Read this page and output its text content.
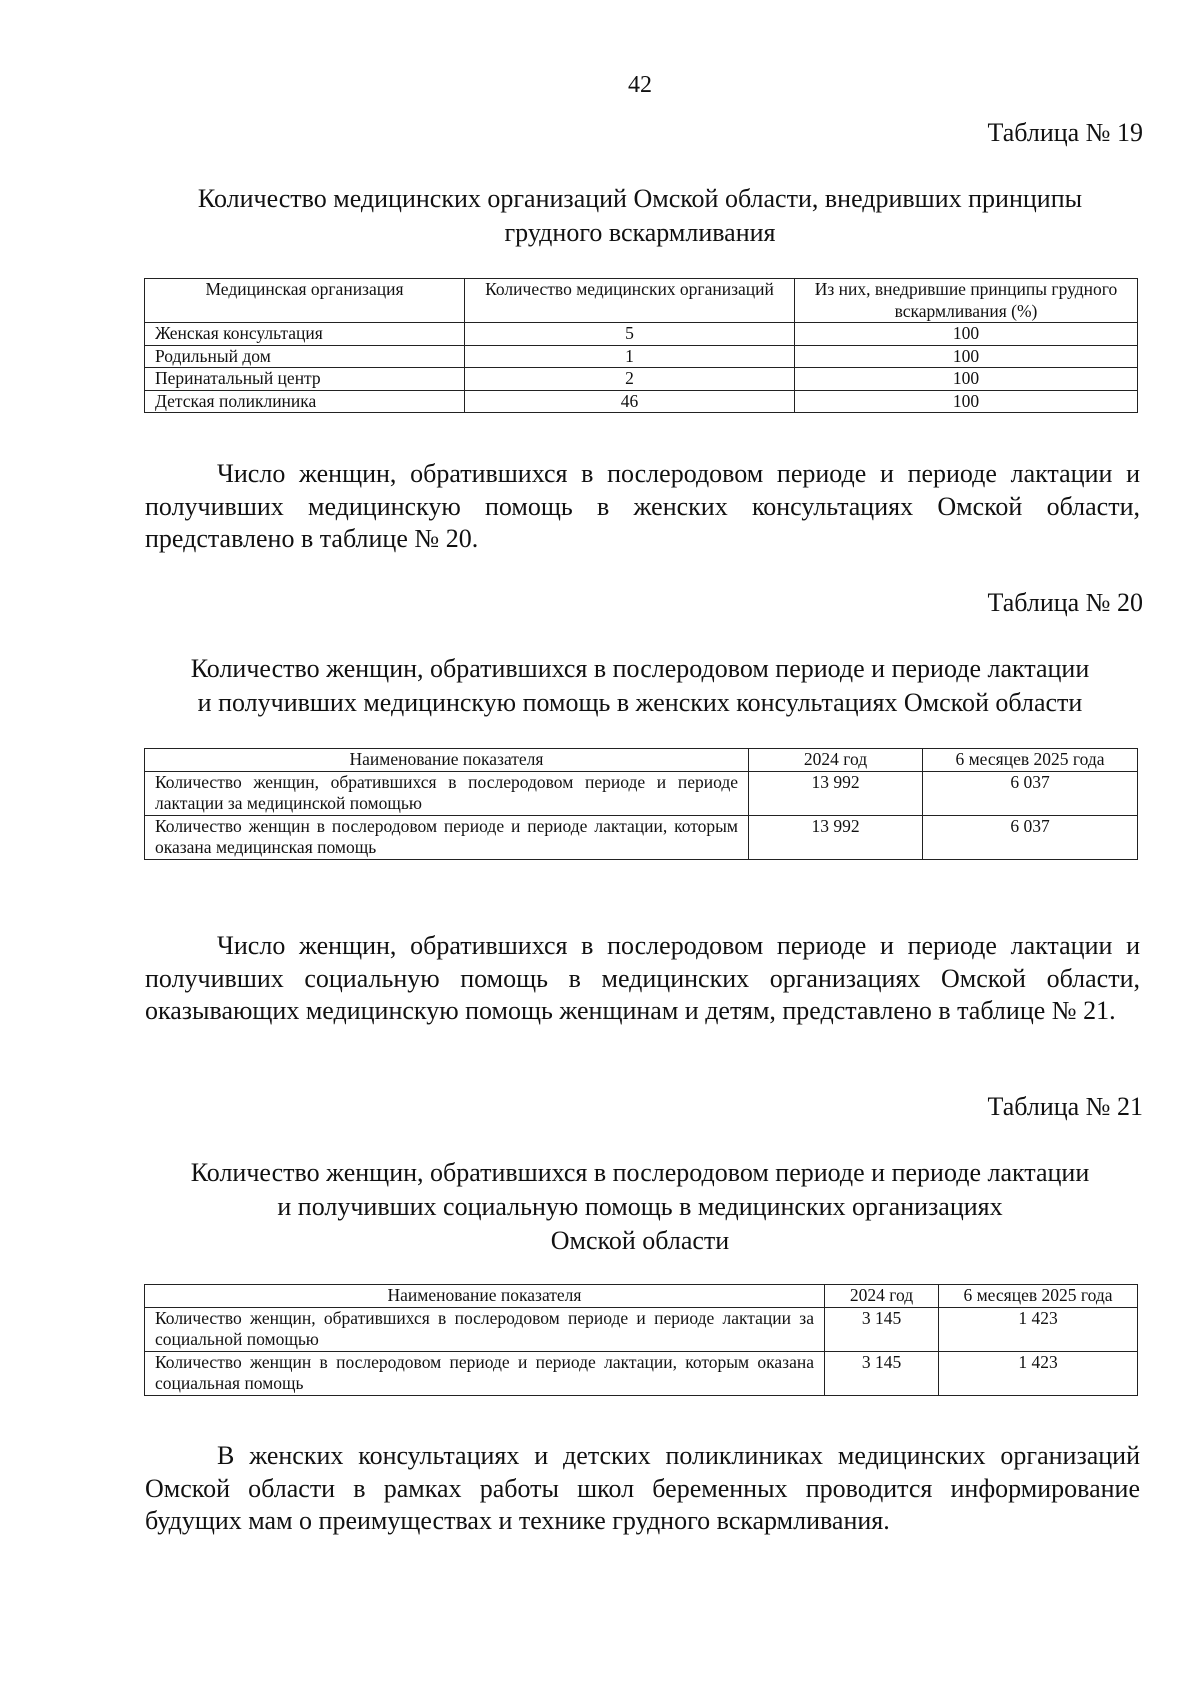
42
Таблица № 19
Количество медицинских организаций Омской области, внедривших принципы
грудного вскармливания
Медицинская организация	Количество медицинских организаций	Из них, внедрившие принципы грудного вскармливания (%)
Женская консультация	5	100
Родильный дом	1	100
Перинатальный центр	2	100
Детская поликлиника	46	100
Число женщин, обратившихся в послеродовом периоде и периоде лактации и получивших медицинскую помощь в женских консультациях Омской области, представлено в таблице № 20.
Таблица № 20
Количество женщин, обратившихся в послеродовом периоде и периоде лактации
и получивших медицинскую помощь в женских консультациях Омской области
Наименование показателя	2024 год	6 месяцев 2025 года
Количество женщин, обратившихся в послеродовом периоде и периоде лактации за медицинской помощью	13 992	6 037
Количество женщин в послеродовом периоде и периоде лактации, которым оказана медицинская помощь	13 992	6 037
Число женщин, обратившихся в послеродовом периоде и периоде лактации и получивших социальную помощь в медицинских организациях Омской области, оказывающих медицинскую помощь женщинам и детям, представлено в таблице № 21.
Таблица № 21
Количество женщин, обратившихся в послеродовом периоде и периоде лактации
и получивших социальную помощь в медицинских организациях
Омской области
Наименование показателя	2024 год	6 месяцев 2025 года
Количество женщин, обратившихся в послеродовом периоде и периоде лактации за социальной помощью	3 145	1 423
Количество женщин в послеродовом периоде и периоде лактации, которым оказана социальная помощь	3 145	1 423
В женских консультациях и детских поликлиниках медицинских организаций Омской области в рамках работы школ беременных проводится информирование будущих мам о преимуществах и технике грудного вскармливания.
